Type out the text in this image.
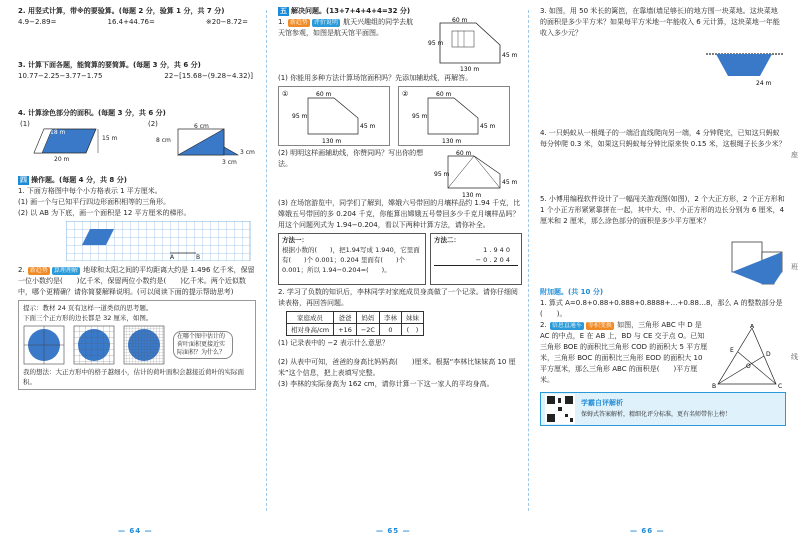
2. 用竖式计算，带※的要验算。(每题 2 分，验算 1 分，共 7 分)

4.9−2.89=	16.4+44.76=	※20−8.72=

3. 计算下面各题，能简算的要简算。(每题 3 分，共 6 分)

10.77−2.25−3.77−1.75	22−[15.68−(9.28−4.32)]

4. 计算涂色部分的面积。(每题 3 分，共 6 分)

(1)
18 m
15 m
20 m
(2)	6 cm
8 cm
3 cm
3 cm

四 操作题。(每题 4 分，共 8 分)

1. 下面方格图中每个小方格表示 1 平方厘米。

(1) 画一个与已知平行四边形面积相等的三角形。

(2) 以 AB 为下底，画一个面积是 12 平方厘米的梯形。

A	B

2. 新趋势 算理理解 地球和太阳之间的平均距离大约是 1.496 亿千米，保留一位小数约是(　　)亿千米，保留两位小数约是(　　)亿千米。两个近似数中，哪个更精确？请你简要解释说明。(可以阅读下面的提示帮助思考)

提示：教材 24 页有这样一道类似的思考题。
下面三个正方形的边长都是 32 厘米，如图。
在哪个图中估计的荷叶面积更接近实际面积？为什么？
我的想法：大正方形中的格子越细小，估计的荷叶面积会越接近荷叶的实际面积。
— 64 —

五 解决问题。(13+7+4+4+4=32 分)

1. 新趋势 评价说明 航天兴趣组的同学去航天馆参观，如图是航天馆平面图。

60 m
95 m
45 m
130 m

(1) 你能用多种方法计算场馆面积吗？先添加辅助线，再解答。

①	60 m
95 m
45 m
130 m
②	60 m
95 m
45 m
130 m

(2) 明明这样画辅助线，你赞同吗？写出你的想法。

60 m
95 m
45 m
130 m

(3) 在场馆游览中，同学们了解到，嫦娥六号带回的月壤样品约 1.94 千克，比嫦娥五号带回的多 0.204 千克，你能算出嫦娥五号带回多少千克月壤样品吗？

用这个问题列式为 1.94−0.204，看以下两种计算方法，请你补全。

方法一：
根据小数的(　　)，把1.94写成 1.940，它里面有(　　)个 0.001；0.204 里面有(　　)个 0.001；所以 1.94−0.204=(　　)。
方法二：
1 . 9 4 0
− 0 . 2 0 4

2. 学习了负数的知识后，李林同学对家庭成员身高做了一个记录。请你仔细阅读表格，再回答问题。

家庭成员	爸爸	妈妈	李林	妹妹
相对身高/cm	+16	−2C	0	(　)

(1) 记录表中的 −2 表示什么意思？

(2) 从表中可知，爸爸的身高比妈妈高(　　)厘米。根据“李林比妹妹高 10 厘米”这个信息，把上表填写完整。

(3) 李林的实际身高为 162 cm，请你计算一下这一家人的平均身高。

— 65 —

3. 如图，用 50 米长的篱笆，在靠墙(墙足够长)的地方围一块菜地。这块菜地的面积是多少平方米？如果每平方米地一年能收入 6 元计算，这块菜地一年能收入多少元？

24 m

4. 一只蚂蚁从一根绳子的一端沿直线爬向另一端，4 分钟爬完，已知这只蚂蚁每分钟爬 0.3 米，如果这只蚂蚁每分钟比原来快 0.15 米，这根绳子长多少米？

5. 小博用编程软件设计了一幅闯关游戏图(如图)，2 个大正方形，2 个正方形和 1 个小正方形紧紧靠拼在一起，其中大、中、小正方形的边长分别为 6 厘米，4 厘米和 2 厘米，那么涂色部分的面积是多少平方厘米？

附加题。(共 10 分)

1. 算式 A=0.8+0.88+0.888+0.8888+…+0.88…8，那么 A 的整数部分是(　　)。

2. 信息直通车 等积变换 如图，三角形 ABC 中 D 是 AC 的中点，E 在 AB 上，BD 与 CE 交于点 O。已知三角形 BOE 的面积比三角形 COD 的面积大 5 平方厘米，三角形 BOC 的面积比三角形 EOD 的面积大 10 平方厘米，那么三角形 ABC 的面积是(　　)平方厘米。

A
E
O
D
B	C
学霸自评解析
保姆式答案解析，精细化评分标准，更有名师带你上榜！
座
班
线
— 66 —
